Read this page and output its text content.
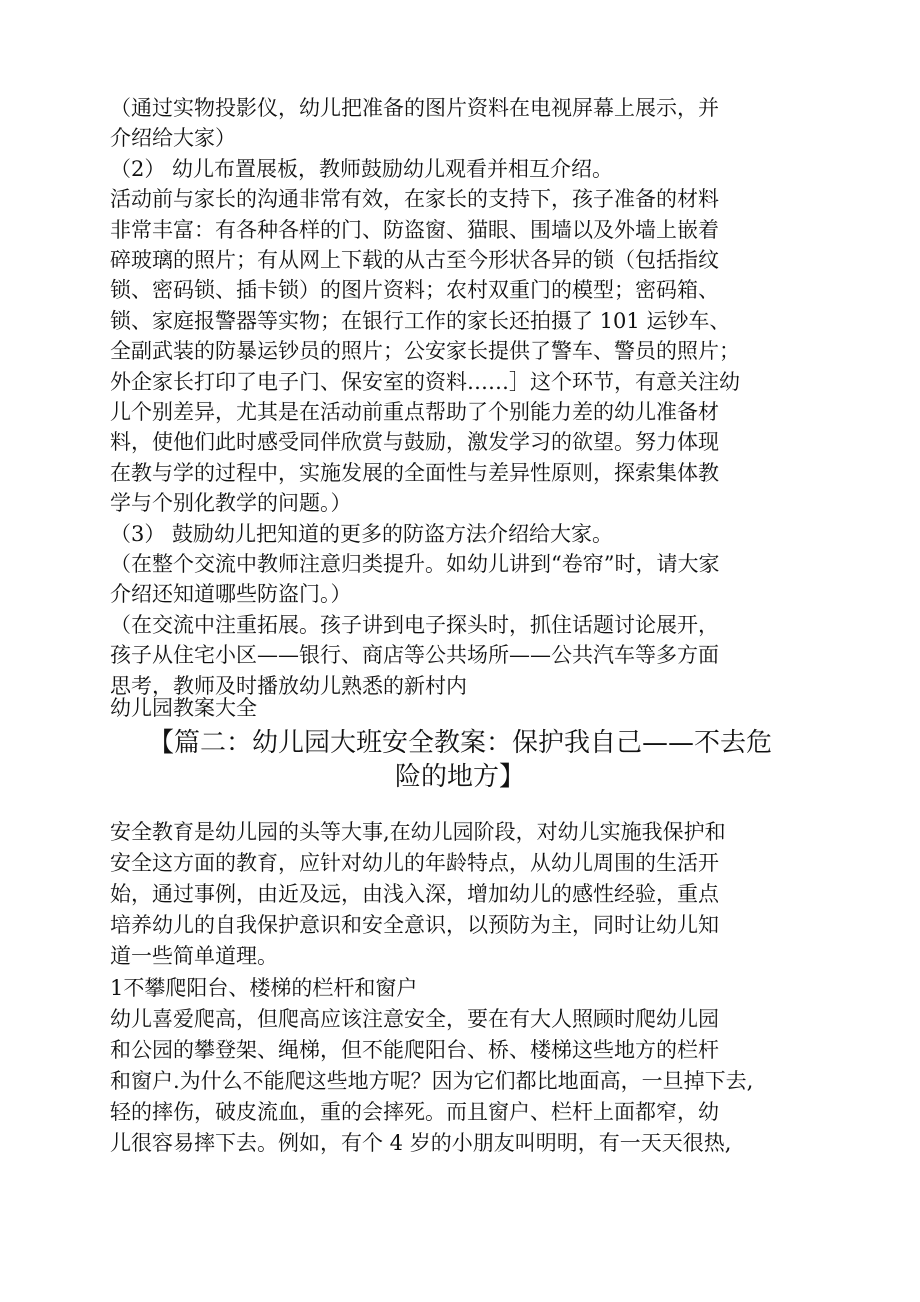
（通过实物投影仪，幼儿把准备的图片资料在电视屏幕上展示，并
介绍给大家）
（2） 幼儿布置展板，教师鼓励幼儿观看并相互介绍。
活动前与家长的沟通非常有效，在家长的支持下，孩子准备的材料
非常丰富：有各种各样的门、防盗窗、猫眼、围墙以及外墙上嵌着
碎玻璃的照片；有从网上下载的从古至今形状各异的锁（包括指纹
锁、密码锁、插卡锁）的图片资料；农村双重门的模型；密码箱、
锁、家庭报警器等实物；在银行工作的家长还拍摄了 101 运钞车、
全副武装的防暴运钞员的照片；公安家长提供了警车、警员的照片；
外企家长打印了电子门、保安室的资料……］这个环节，有意关注幼
儿个别差异，尤其是在活动前重点帮助了个别能力差的幼儿准备材
料，使他们此时感受同伴欣赏与鼓励，激发学习的欲望。努力体现
在教与学的过程中，实施发展的全面性与差异性原则，探索集体教
学与个别化教学的问题。）
（3） 鼓励幼儿把知道的更多的防盗方法介绍给大家。
（在整个交流中教师注意归类提升。如幼儿讲到“卷帘”时，请大家
介绍还知道哪些防盗门。）
（在交流中注重拓展。孩子讲到电子探头时，抓住话题讨论展开，
孩子从住宅小区——银行、商店等公共场所——公共汽车等多方面
思考，教师及时播放幼儿熟悉的新村内
幼儿园教案大全
【篇二：幼儿园大班安全教案：保护我自己——不去危
险的地方】
安全教育是幼儿园的头等大事,在幼儿园阶段，对幼儿实施我保护和
安全这方面的教育，应针对幼儿的年龄特点，从幼儿周围的生活开
始，通过事例，由近及远，由浅入深，增加幼儿的感性经验，重点
培养幼儿的自我保护意识和安全意识，以预防为主，同时让幼儿知
道一些简单道理。
1不攀爬阳台、楼梯的栏杆和窗户
幼儿喜爱爬高，但爬高应该注意安全，要在有大人照顾时爬幼儿园
和公园的攀登架、绳梯，但不能爬阳台、桥、楼梯这些地方的栏杆
和窗户.为什么不能爬这些地方呢？因为它们都比地面高，一旦掉下去,
轻的摔伤，破皮流血，重的会摔死。而且窗户、栏杆上面都窄，幼
儿很容易摔下去。例如，有个 4 岁的小朋友叫明明，有一天天很热,
